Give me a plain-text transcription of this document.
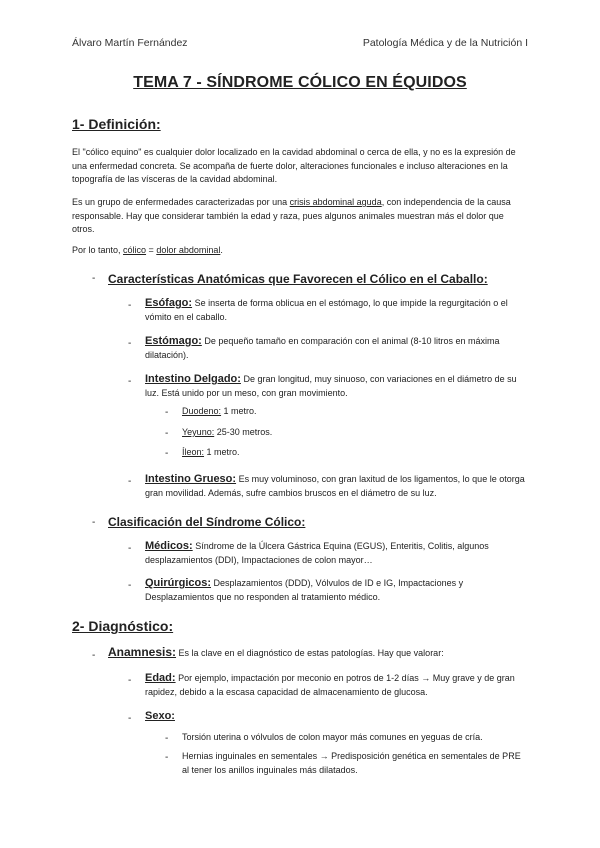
Álvaro Martín Fernández	Patología Médica y de la Nutrición I
TEMA 7 - SÍNDROME CÓLICO EN ÉQUIDOS
1- Definición:
El "cólico equino" es cualquier dolor localizado en la cavidad abdominal o cerca de ella, y no es la expresión de una enfermedad concreta. Se acompaña de fuerte dolor, alteraciones funcionales e incluso alteraciones en la topografía de las vísceras de la cavidad abdominal.
Es un grupo de enfermedades caracterizadas por una crisis abdominal aguda, con independencia de la causa responsable. Hay que considerar también la edad y raza, pues algunos animales muestran más el dolor que otros.
Por lo tanto, cólico = dolor abdominal.
- Características Anatómicas que Favorecen el Cólico en el Caballo:
- Esófago: Se inserta de forma oblicua en el estómago, lo que impide la regurgitación o el vómito en el caballo.
- Estómago: De pequeño tamaño en comparación con el animal (8-10 litros en máxima dilatación).
- Intestino Delgado: De gran longitud, muy sinuoso, con variaciones en el diámetro de su luz. Está unido por un meso, con gran movimiento.
- Duodeno: 1 metro.
- Yeyuno: 25-30 metros.
- Íleon: 1 metro.
- Intestino Grueso: Es muy voluminoso, con gran laxitud de los ligamentos, lo que le otorga gran movilidad. Además, sufre cambios bruscos en el diámetro de su luz.
- Clasificación del Síndrome Cólico:
- Médicos: Síndrome de la Úlcera Gástrica Equina (EGUS), Enteritis, Colitis, algunos desplazamientos (DDI), Impactaciones de colon mayor…
- Quirúrgicos: Desplazamientos (DDD), Vólvulos de ID e IG, Impactaciones y Desplazamientos que no responden al tratamiento médico.
2- Diagnóstico:
- Anamnesis: Es la clave en el diagnóstico de estas patologías. Hay que valorar:
- Edad: Por ejemplo, impactación por meconio en potros de 1-2 días → Muy grave y de gran rapidez, debido a la escasa capacidad de almacenamiento de glucosa.
- Sexo:
- Torsión uterina o vólvulos de colon mayor más comunes en yeguas de cría.
- Hernias inguinales en sementales → Predisposición genética en sementales de PRE al tener los anillos inguinales más dilatados.
